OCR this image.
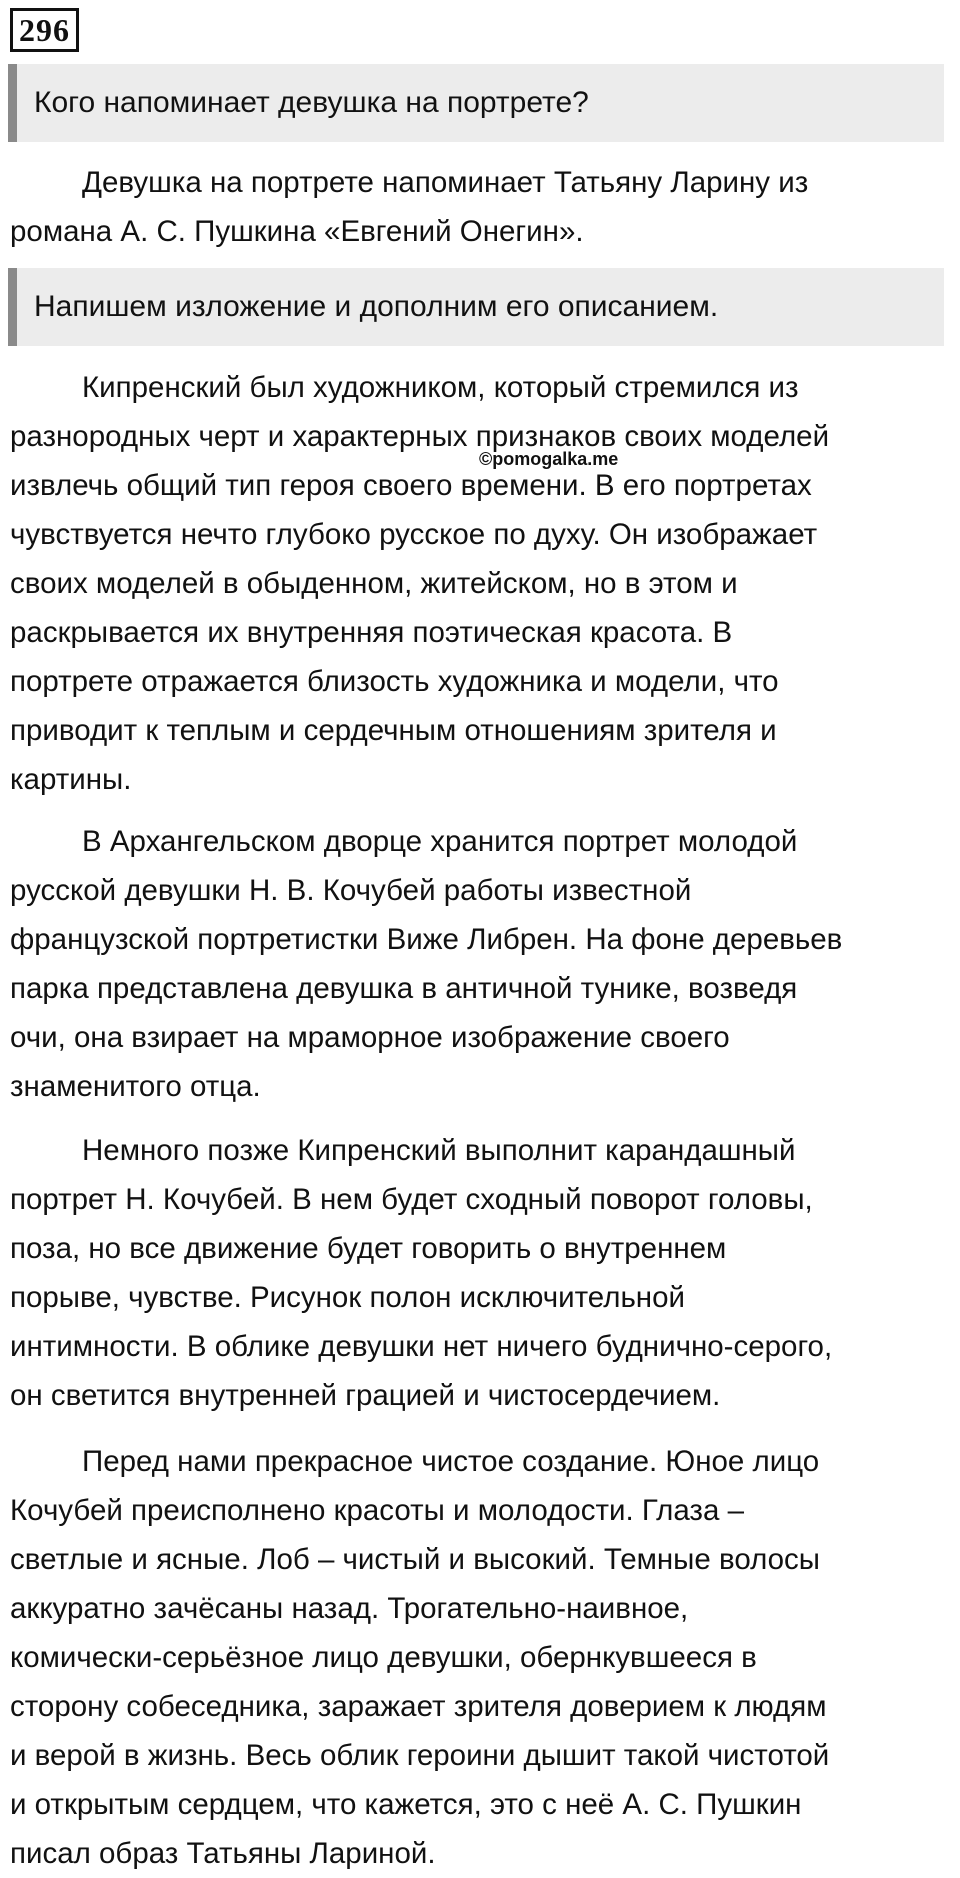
296
Кого напоминает девушка на портрете?

Девушка на портрете напоминает Татьяну Ларину из
романа А. С. Пушкина «Евгений Онегин».

Напишем изложение и дополним его описанием.

Кипренский был художником, который стремился из
разнородных черт и характерных признаков своих моделей
извлечь общий тип героя своего времени. В его портретах
чувствуется нечто глубоко русское по духу. Он изображает
своих моделей в обыденном, житейском, но в этом и
раскрывается их внутренняя поэтическая красота. В
портрете отражается близость художника и модели, что
приводит к теплым и сердечным отношениям зрителя и
картины.

©pomogalka.me

В Архангельском дворце хранится портрет молодой
русской девушки Н. В. Кочубей работы известной
французской портретистки Виже Либрен. На фоне деревьев
парка представлена девушка в античной тунике, возведя
очи, она взирает на мраморное изображение своего
знаменитого отца.

Немного позже Кипренский выполнит карандашный
портрет Н. Кочубей. В нем будет сходный поворот головы,
поза, но все движение будет говорить о внутреннем
порыве, чувстве. Рисунок полон исключительной
интимности. В облике девушки нет ничего буднично-серого,
он светится внутренней грацией и чистосердечием.

Перед нами прекрасное чистое создание. Юное лицо
Кочубей преисполнено красоты и молодости. Глаза –
светлые и ясные. Лоб – чистый и высокий. Темные волосы
аккуратно зачёсаны назад. Трогательно-наивное,
комически-серьёзное лицо девушки, обернкувшееся в
сторону собеседника, заражает зрителя доверием к людям
и верой в жизнь. Весь облик героини дышит такой чистотой
и открытым сердцем, что кажется, это с неё А. С. Пушкин
писал образ Татьяны Лариной.
